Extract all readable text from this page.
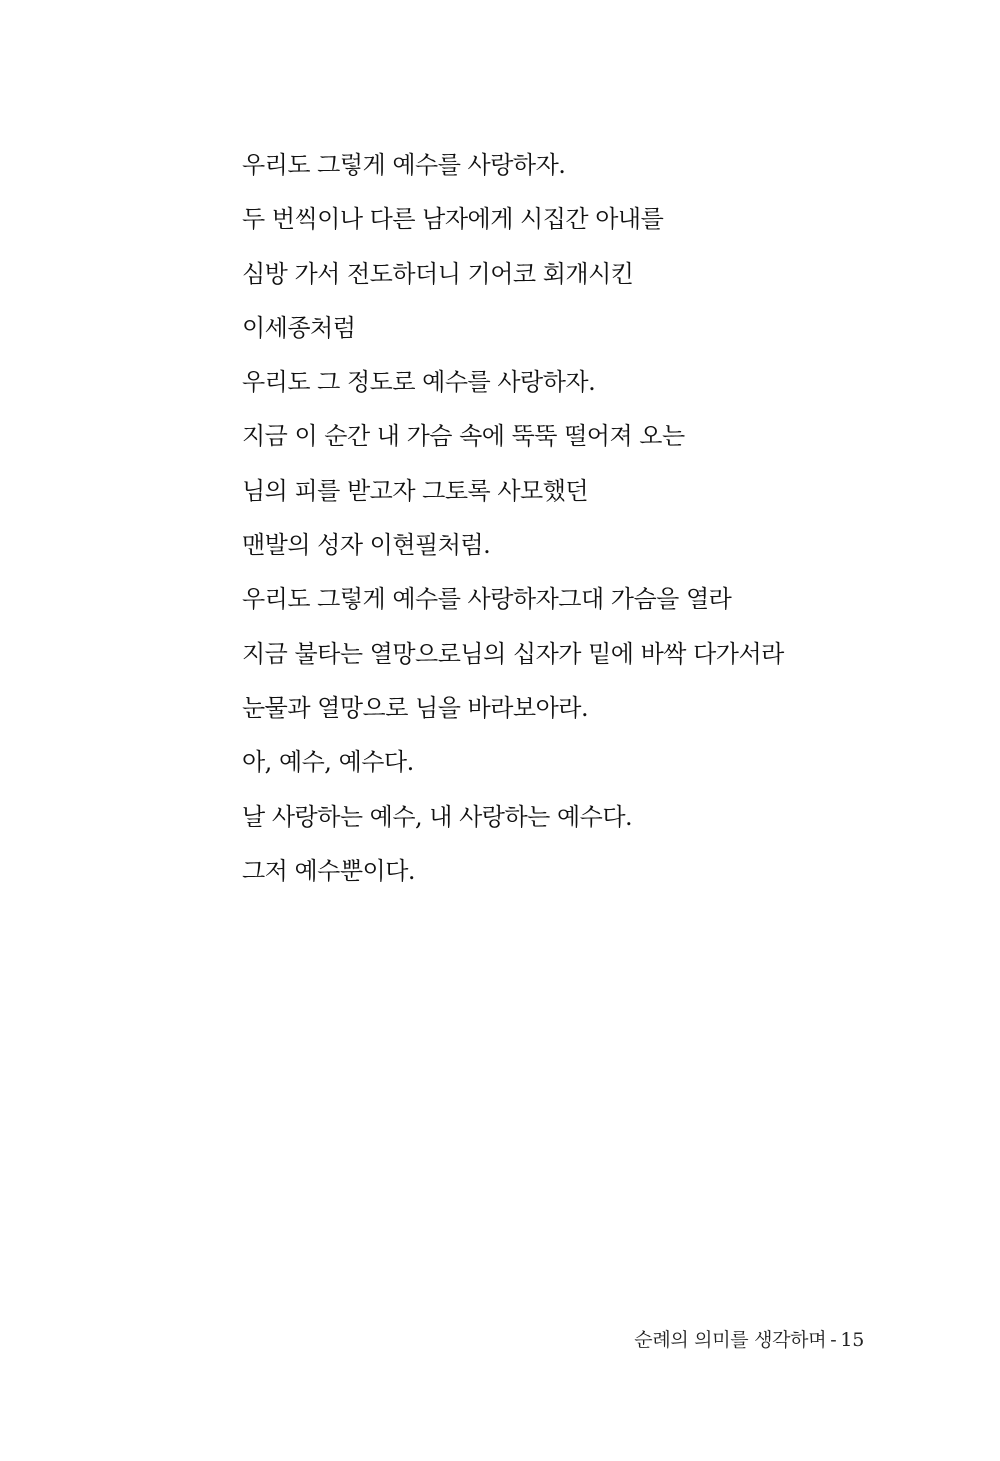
우리도 그렇게 예수를 사랑하자.
두 번씩이나 다른 남자에게 시집간 아내를
심방 가서 전도하더니 기어코 회개시킨
이세종처럼
우리도 그 정도로 예수를 사랑하자.
지금 이 순간 내 가슴 속에 뚝뚝 떨어져 오는
님의 피를 받고자 그토록 사모했던
맨발의 성자 이현필처럼.
우리도 그렇게 예수를 사랑하자그대 가슴을 열라
지금 불타는 열망으로님의 십자가 밑에 바싹 다가서라
눈물과 열망으로 님을 바라보아라.
아, 예수, 예수다.
날 사랑하는 예수, 내 사랑하는 예수다.
그저 예수뿐이다.
순례의 의미를 생각하며 - 15
